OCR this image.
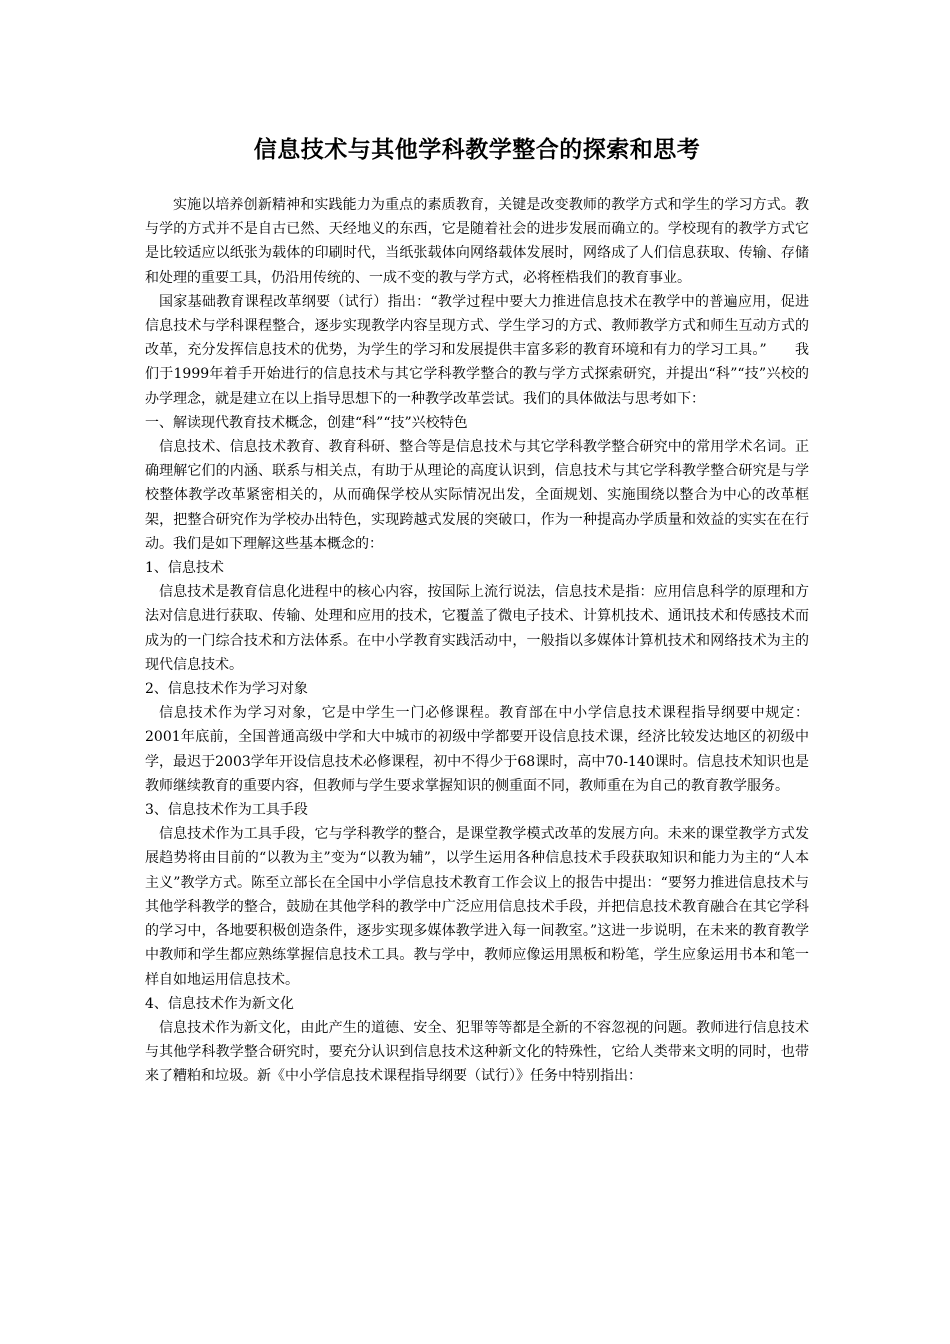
信息技术与其他学科教学整合的探索和思考

实施以培养创新精神和实践能力为重点的素质教育，关键是改变教师的教学方式和学生的学习方式。教与学的方式并不是自古已然、天经地义的东西，它是随着社会的进步发展而确立的。学校现有的教学方式它是比较适应以纸张为载体的印刷时代，当纸张载体向网络载体发展时，网络成了人们信息获取、传输、存储和处理的重要工具，仍沿用传统的、一成不变的教与学方式，必将桎梏我们的教育事业。

国家基础教育课程改革纲要（试行）指出：“教学过程中要大力推进信息技术在教学中的普遍应用，促进信息技术与学科课程整合，逐步实现教学内容呈现方式、学生学习的方式、教师教学方式和师生互动方式的改革，充分发挥信息技术的优势，为学生的学习和发展提供丰富多彩的教育环境和有力的学习工具。”　　我们于1999年着手开始进行的信息技术与其它学科教学整合的教与学方式探索研究，并提出“科”“技”兴校的办学理念，就是建立在以上指导思想下的一种教学改革尝试。我们的具体做法与思考如下：

一、解读现代教育技术概念，创建“科”“技”兴校特色

信息技术、信息技术教育、教育科研、整合等是信息技术与其它学科教学整合研究中的常用学术名词。正确理解它们的内涵、联系与相关点，有助于从理论的高度认识到，信息技术与其它学科教学整合研究是与学校整体教学改革紧密相关的，从而确保学校从实际情况出发，全面规划、实施围绕以整合为中心的改革框架，把整合研究作为学校办出特色，实现跨越式发展的突破口，作为一种提高办学质量和效益的实实在在行动。我们是如下理解这些基本概念的：

1、信息技术

信息技术是教育信息化进程中的核心内容，按国际上流行说法，信息技术是指：应用信息科学的原理和方法对信息进行获取、传输、处理和应用的技术，它覆盖了微电子技术、计算机技术、通讯技术和传感技术而成为的一门综合技术和方法体系。在中小学教育实践活动中，一般指以多媒体计算机技术和网络技术为主的现代信息技术。

2、信息技术作为学习对象

信息技术作为学习对象，它是中学生一门必修课程。教育部在中小学信息技术课程指导纲要中规定：2001年底前，全国普通高级中学和大中城市的初级中学都要开设信息技术课，经济比较发达地区的初级中学，最迟于2003学年开设信息技术必修课程，初中不得少于68课时，高中70-140课时。信息技术知识也是教师继续教育的重要内容，但教师与学生要求掌握知识的侧重面不同，教师重在为自己的教育教学服务。

3、信息技术作为工具手段

信息技术作为工具手段，它与学科教学的整合，是课堂教学模式改革的发展方向。未来的课堂教学方式发展趋势将由目前的“以教为主”变为“以教为辅”，以学生运用各种信息技术手段获取知识和能力为主的“人本主义”教学方式。陈至立部长在全国中小学信息技术教育工作会议上的报告中提出：“要努力推进信息技术与其他学科教学的整合，鼓励在其他学科的教学中广泛应用信息技术手段，并把信息技术教育融合在其它学科的学习中，各地要积极创造条件，逐步实现多媒体教学进入每一间教室。”这进一步说明，在未来的教育教学中教师和学生都应熟练掌握信息技术工具。教与学中，教师应像运用黑板和粉笔，学生应象运用书本和笔一样自如地运用信息技术。

4、信息技术作为新文化

信息技术作为新文化，由此产生的道德、安全、犯罪等等都是全新的不容忽视的问题。教师进行信息技术与其他学科教学整合研究时，要充分认识到信息技术这种新文化的特殊性，它给人类带来文明的同时，也带来了糟粕和垃圾。新《中小学信息技术课程指导纲要（试行）》任务中特别指出：
